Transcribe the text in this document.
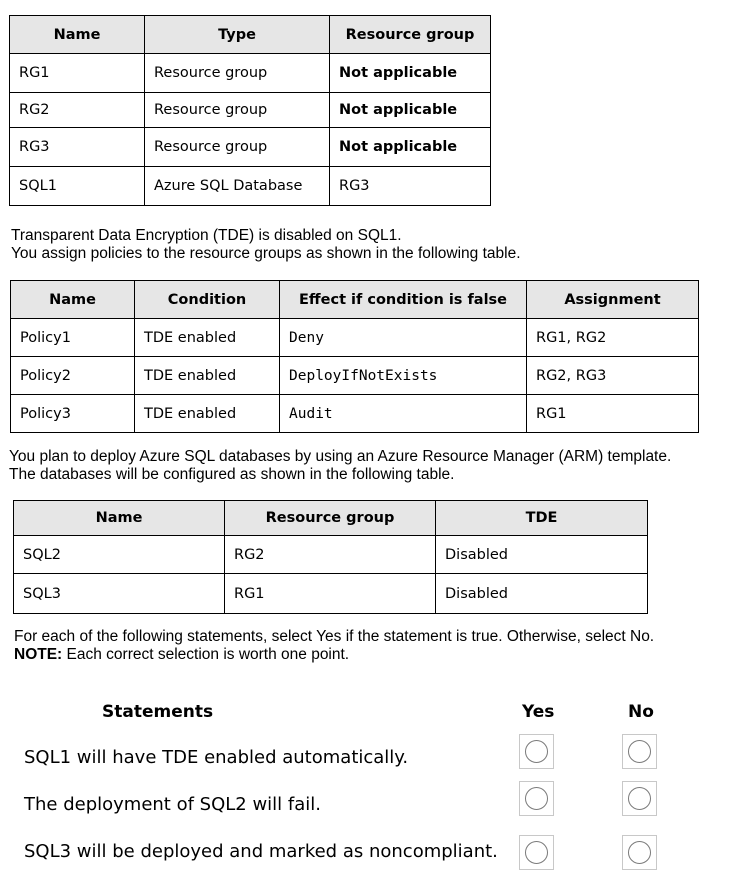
Name	Type	Resource group
RG1	Resource group	Not applicable
RG2	Resource group	Not applicable
RG3	Resource group	Not applicable
SQL1	Azure SQL Database	RG3

Transparent Data Encryption (TDE) is disabled on SQL1.

You assign policies to the resource groups as shown in the following table.

Name	Condition	Effect if condition is false	Assignment
Policy1	TDE enabled	Deny	RG1, RG2
Policy2	TDE enabled	DeployIfNotExists	RG2, RG3
Policy3	TDE enabled	Audit	RG1

You plan to deploy Azure SQL databases by using an Azure Resource Manager (ARM) template.

The databases will be configured as shown in the following table.

Name	Resource group	TDE
SQL2	RG2	Disabled
SQL3	RG1	Disabled

For each of the following statements, select Yes if the statement is true. Otherwise, select No.

NOTE: Each correct selection is worth one point.

Statements	Yes	No
SQL1 will have TDE enabled automatically.
The deployment of SQL2 will fail.
SQL3 will be deployed and marked as noncompliant.
